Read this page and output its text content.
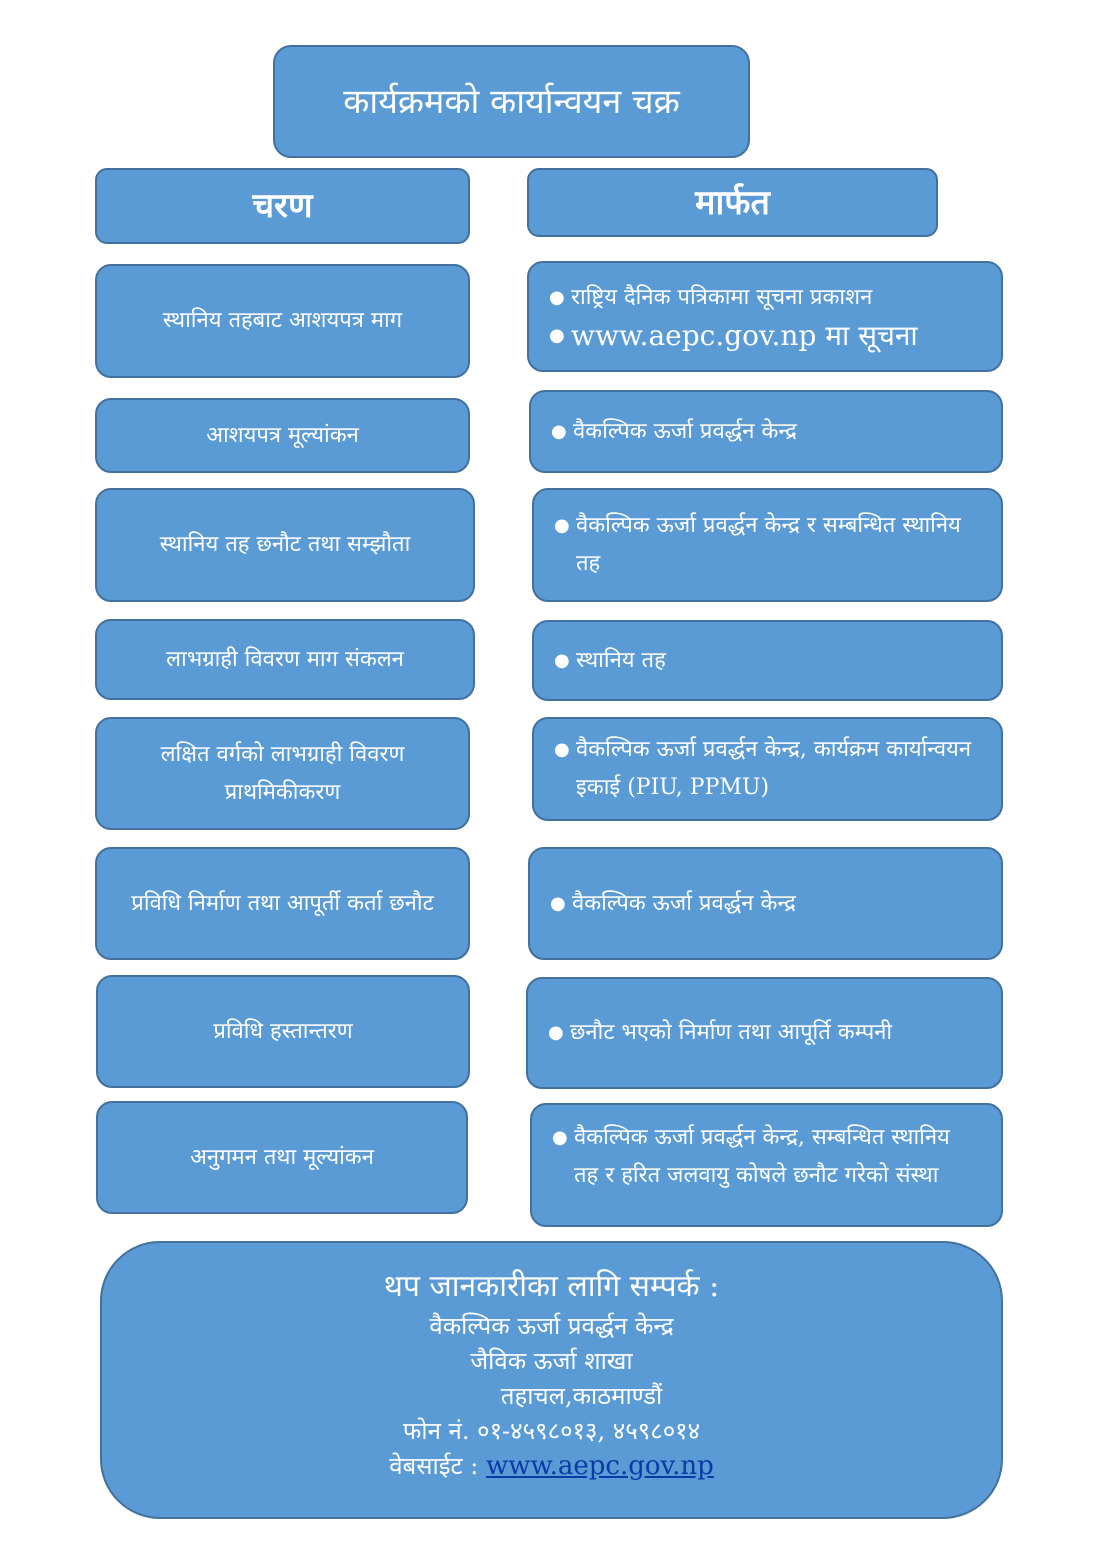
कार्यक्रमको कार्यान्वयन चक्र
चरण	मार्फत
स्थानिय तहबाट आशयपत्र माग
आशयपत्र मूल्यांकन
स्थानिय तह छनौट तथा सम्झौता
लाभग्राही विवरण माग संकलन
लक्षित वर्गको लाभग्राही विवरण प्राथमिकीकरण
प्रविधि निर्माण तथा आपूर्ती कर्ता छनौट
प्रविधि हस्तान्तरण
अनुगमन तथा मूल्यांकन
● राष्ट्रिय दैनिक पत्रिकामा सूचना प्रकाशन
● www.aepc.gov.np मा सूचना
● वैकल्पिक ऊर्जा प्रवर्द्धन केन्द्र
● वैकल्पिक ऊर्जा प्रवर्द्धन केन्द्र र सम्बन्धित स्थानिय तह
● स्थानिय तह
● वैकल्पिक ऊर्जा प्रवर्द्धन केन्द्र, कार्यक्रम कार्यान्वयन इकाई (PIU, PPMU)
● वैकल्पिक ऊर्जा प्रवर्द्धन केन्द्र
● छनौट भएको निर्माण तथा आपूर्ति कम्पनी
● वैकल्पिक ऊर्जा प्रवर्द्धन केन्द्र, सम्बन्धित स्थानिय तह र हरित जलवायु कोषले छनौट गरेको संस्था
थप जानकारीका लागि सम्पर्क :
वैकल्पिक ऊर्जा प्रवर्द्धन केन्द्र
जैविक ऊर्जा शाखा
तहाचल,काठमाण्डौं
फोन नं. ०१-४५९८०१३, ४५९८०१४
वेबसाईट : www.aepc.gov.np
